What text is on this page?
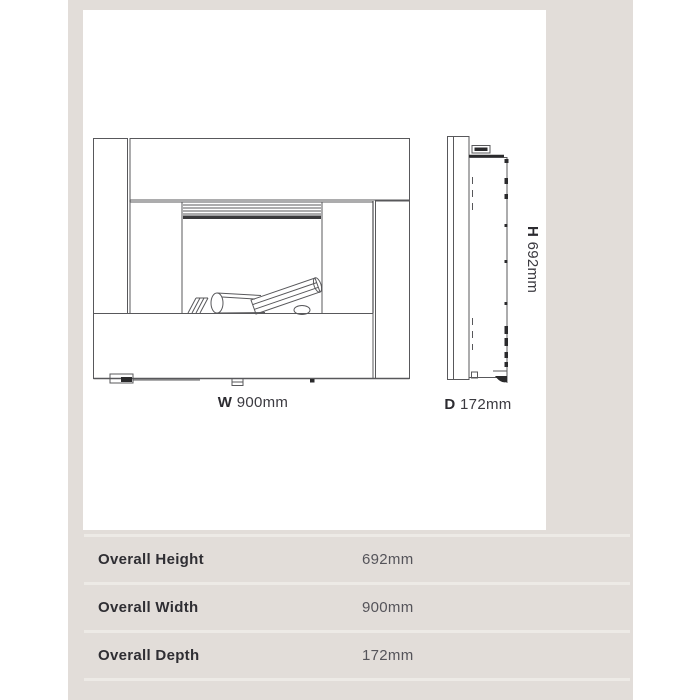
W 900mm	D 172mm
H 692mm
Overall Height	692mm
Overall Width	900mm
Overall Depth	172mm
